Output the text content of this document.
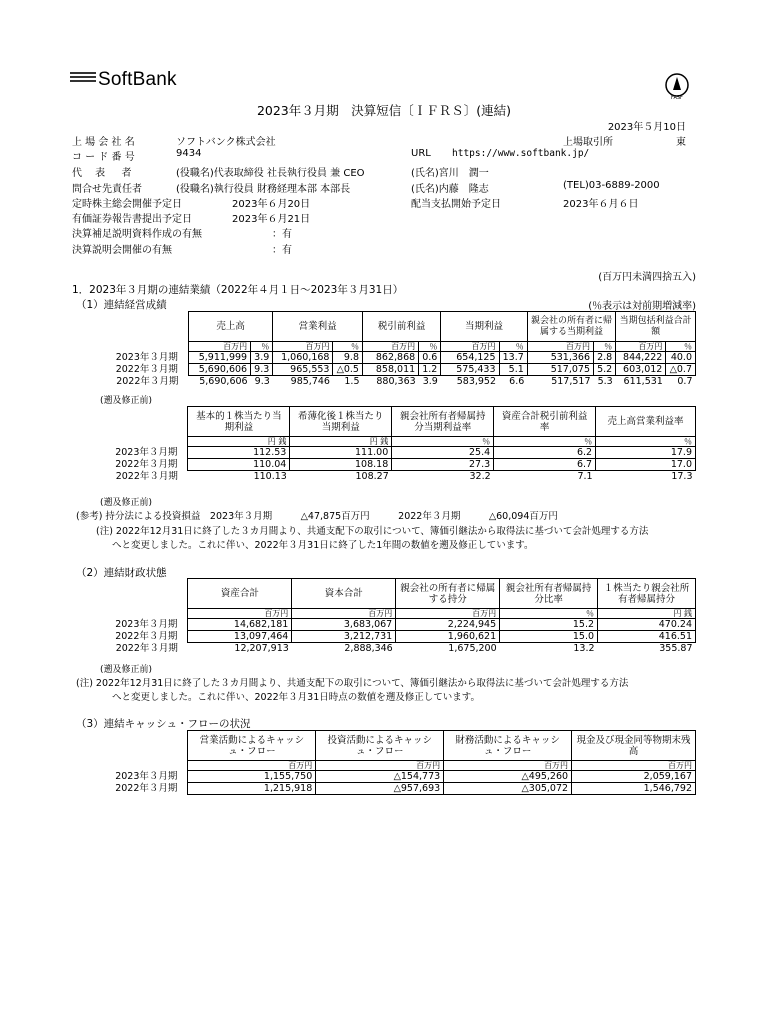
SoftBank
FASF
2023年３月期　決算短信〔ＩＦＲＳ〕(連結)
2023年５月10日
上 場 会 社 名	ソフトバンク株式会社	上場取引所	東
コ ー ド 番 号	9434	URL https://www.softbank.jp/
代　 表 　 者	(役職名)代表取締役 社長執行役員 兼 CEO	(氏名)宮川　潤一
問合せ先責任者	(役職名)執行役員 財務経理本部 本部長	(氏名)内藤　隆志	(TEL)03-6889-2000
定時株主総会開催予定日	2023年６月20日	配当支払開始予定日	2023年６月６日
有価証券報告書提出予定日	2023年６月21日
決算補足説明資料作成の有無	：有
決算説明会開催の有無	：有
(百万円未満四捨五入)
1．2023年３月期の連結業績（2022年４月１日～2023年３月31日）
（1）連結経営成績	(％表示は対前期増減率)
	売上高		営業利益		税引前利益		当期利益		親会社の所有者に帰属する当期利益		当期包括利益合計額	
	百万円	％	百万円	％	百万円	％	百万円	％	百万円	％	百万円	％
2023年３月期	5,911,999	3.9	1,060,168	9.8	862,868	0.6	654,125	13.7	531,366	2.8	844,222	40.0
2022年３月期	5,690,606	9.3	965,553	△0.5	858,011	1.2	575,433	5.1	517,075	5.2	603,012	△0.7
2022年３月期	5,690,606	9.3	985,746	1.5	880,363	3.9	583,952	6.6	517,517	5.3	611,531	0.7
(遡及修正前)
	基本的１株当たり当期利益	希薄化後１株当たり当期利益	親会社所有者帰属持分当期利益率	資産合計税引前利益率	売上高営業利益率
	円 銭	円 銭	％	％	％
2023年３月期	112.53	111.00	25.4	6.2	17.9
2022年３月期	110.04	108.18	27.3	6.7	17.0
2022年３月期	110.13	108.27	32.2	7.1	17.3
(遡及修正前)
(参考) 持分法による投資損益　2023年３月期　　　△47,875百万円　　　2022年３月期　　　△60,094百万円
(注) 2022年12月31日に終了した３カ月間より、共通支配下の取引について、簿価引継法から取得法に基づいて会計処理する方法
へと変更しました。これに伴い、2022年３月31日に終了した1年間の数値を遡及修正しています。
（2）連結財政状態
	資産合計	資本合計	親会社の所有者に帰属する持分	親会社所有者帰属持分比率	１株当たり親会社所有者帰属持分
	百万円	百万円	百万円	％	円 銭
2023年３月期	14,682,181	3,683,067	2,224,945	15.2	470.24
2022年３月期	13,097,464	3,212,731	1,960,621	15.0	416.51
2022年３月期	12,207,913	2,888,346	1,675,200	13.2	355.87
(遡及修正前)
(注) 2022年12月31日に終了した３カ月間より、共通支配下の取引について、簿価引継法から取得法に基づいて会計処理する方法
へと変更しました。これに伴い、2022年３月31日時点の数値を遡及修正しています。
（3）連結キャッシュ・フローの状況
	営業活動によるキャッシュ・フロー	投資活動によるキャッシュ・フロー	財務活動によるキャッシュ・フロー	現金及び現金同等物期末残高
	百万円	百万円	百万円	百万円
2023年３月期	1,155,750	△154,773	△495,260	2,059,167
2022年３月期	1,215,918	△957,693	△305,072	1,546,792
